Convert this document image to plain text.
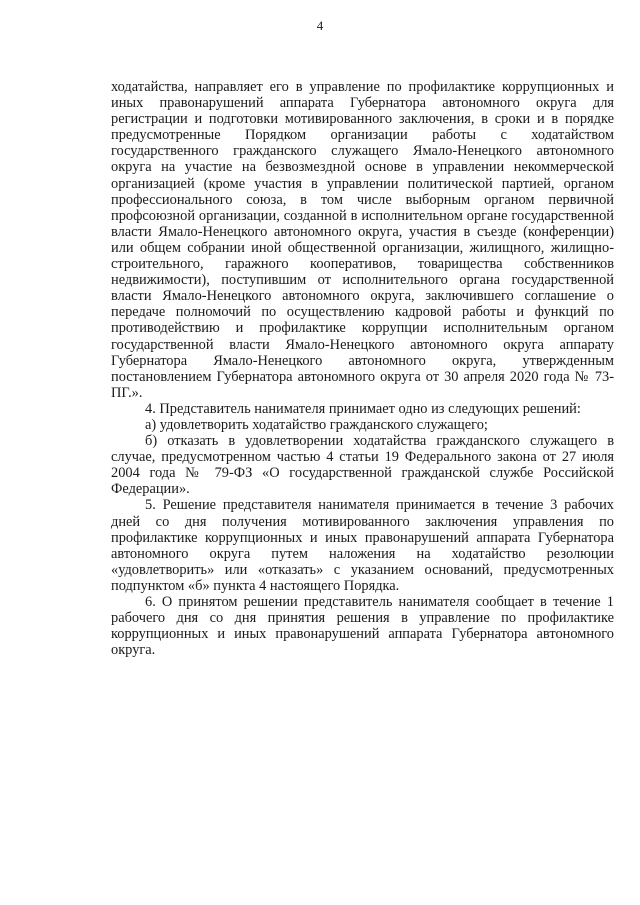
4

ходатайства, направляет его в управление по профилактике коррупционных и иных правонарушений аппарата Губернатора автономного округа для регистрации и подготовки мотивированного заключения, в сроки и в порядке предусмотренные Порядком организации работы с ходатайством государственного гражданского служащего Ямало-Ненецкого автономного округа на участие на безвозмездной основе в управлении некоммерческой организацией (кроме участия в управлении политической партией, органом профессионального союза, в том числе выборным органом первичной профсоюзной организации, созданной в исполнительном органе государственной власти Ямало-Ненецкого автономного округа, участия в съезде (конференции) или общем собрании иной общественной организации, жилищного, жилищно-строительного, гаражного кооперативов, товарищества собственников недвижимости), поступившим от исполнительного органа государственной власти Ямало-Ненецкого автономного округа, заключившего соглашение о передаче полномочий по осуществлению кадровой работы и функций по противодействию и профилактике коррупции исполнительным органом государственной власти Ямало-Ненецкого автономного округа аппарату Губернатора Ямало-Ненецкого автономного округа, утвержденным постановлением Губернатора автономного округа от 30 апреля 2020 года № 73-ПГ.».

4. Представитель нанимателя принимает одно из следующих решений:

а) удовлетворить ходатайство гражданского служащего;

б) отказать в удовлетворении ходатайства гражданского служащего в случае, предусмотренном частью 4 статьи 19 Федерального закона от 27 июля 2004 года № 79-ФЗ «О государственной гражданской службе Российской Федерации».

5. Решение представителя нанимателя принимается в течение 3 рабочих дней со дня получения мотивированного заключения управления по профилактике коррупционных и иных правонарушений аппарата Губернатора автономного округа путем наложения на ходатайство резолюции «удовлетворить» или «отказать» с указанием оснований, предусмотренных подпунктом «б» пункта 4 настоящего Порядка.

6. О принятом решении представитель нанимателя сообщает в течение 1 рабочего дня со дня принятия решения в управление по профилактике коррупционных и иных правонарушений аппарата Губернатора автономного округа.
